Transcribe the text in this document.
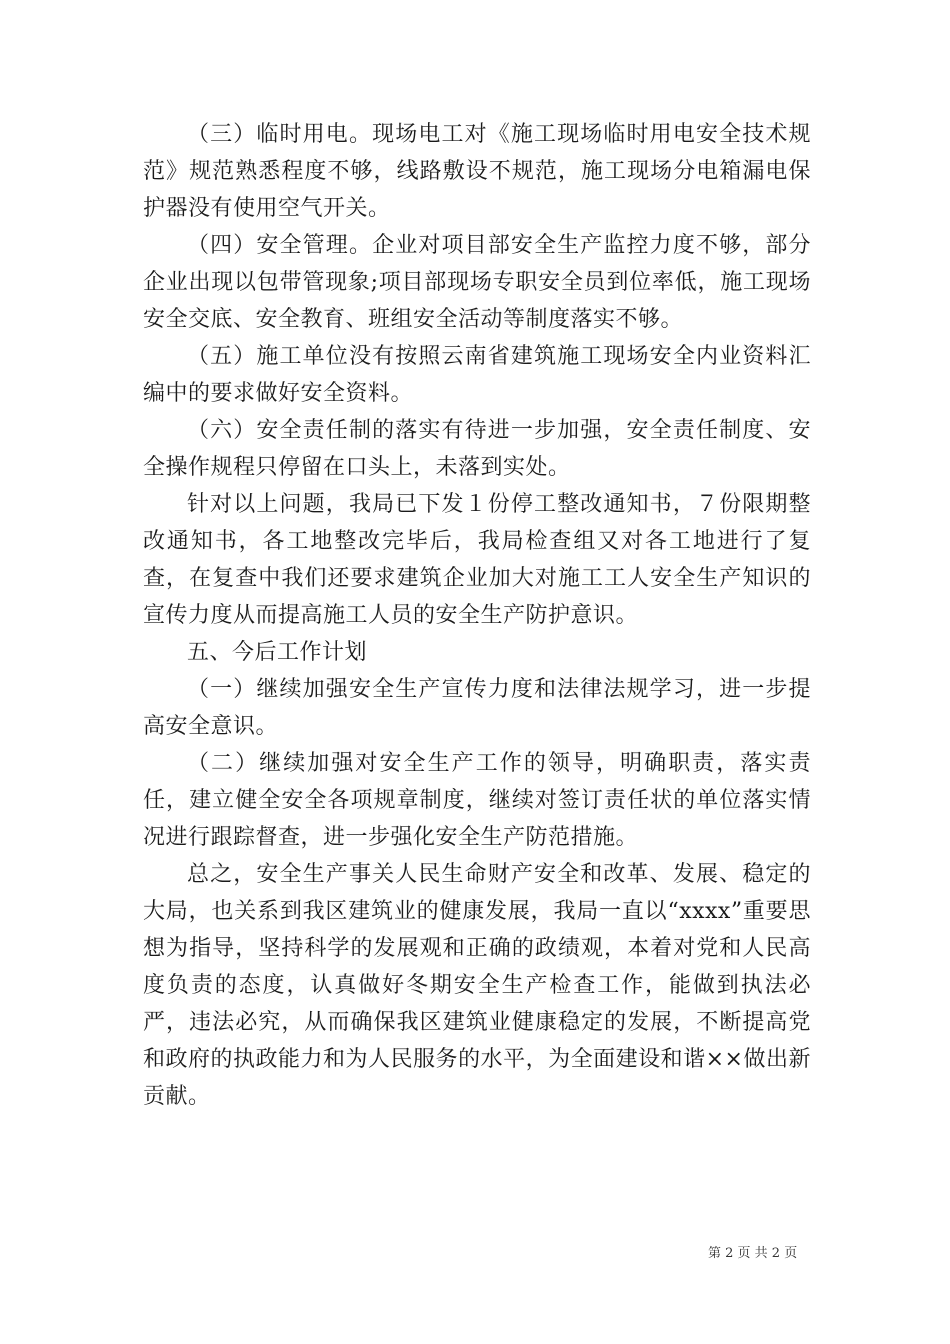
（三）临时用电。现场电工对《施工现场临时用电安全技术规范》规范熟悉程度不够，线路敷设不规范，施工现场分电箱漏电保护器没有使用空气开关。

（四）安全管理。企业对项目部安全生产监控力度不够，部分企业出现以包带管现象;项目部现场专职安全员到位率低，施工现场安全交底、安全教育、班组安全活动等制度落实不够。

（五）施工单位没有按照云南省建筑施工现场安全内业资料汇编中的要求做好安全资料。

（六）安全责任制的落实有待进一步加强，安全责任制度、安全操作规程只停留在口头上，未落到实处。

针对以上问题，我局已下发１份停工整改通知书，７份限期整改通知书，各工地整改完毕后，我局检查组又对各工地进行了复查，在复查中我们还要求建筑企业加大对施工工人安全生产知识的宣传力度从而提高施工人员的安全生产防护意识。

五、今后工作计划

（一）继续加强安全生产宣传力度和法律法规学习，进一步提高安全意识。

（二）继续加强对安全生产工作的领导，明确职责，落实责任，建立健全安全各项规章制度，继续对签订责任状的单位落实情况进行跟踪督查，进一步强化安全生产防范措施。

总之，安全生产事关人民生命财产安全和改革、发展、稳定的大局，也关系到我区建筑业的健康发展，我局一直以“xxxx”重要思想为指导，坚持科学的发展观和正确的政绩观，本着对党和人民高度负责的态度，认真做好冬期安全生产检查工作，能做到执法必严，违法必究，从而确保我区建筑业健康稳定的发展，不断提高党和政府的执政能力和为人民服务的水平，为全面建设和谐××做出新贡献。

第 2 页 共 2 页
